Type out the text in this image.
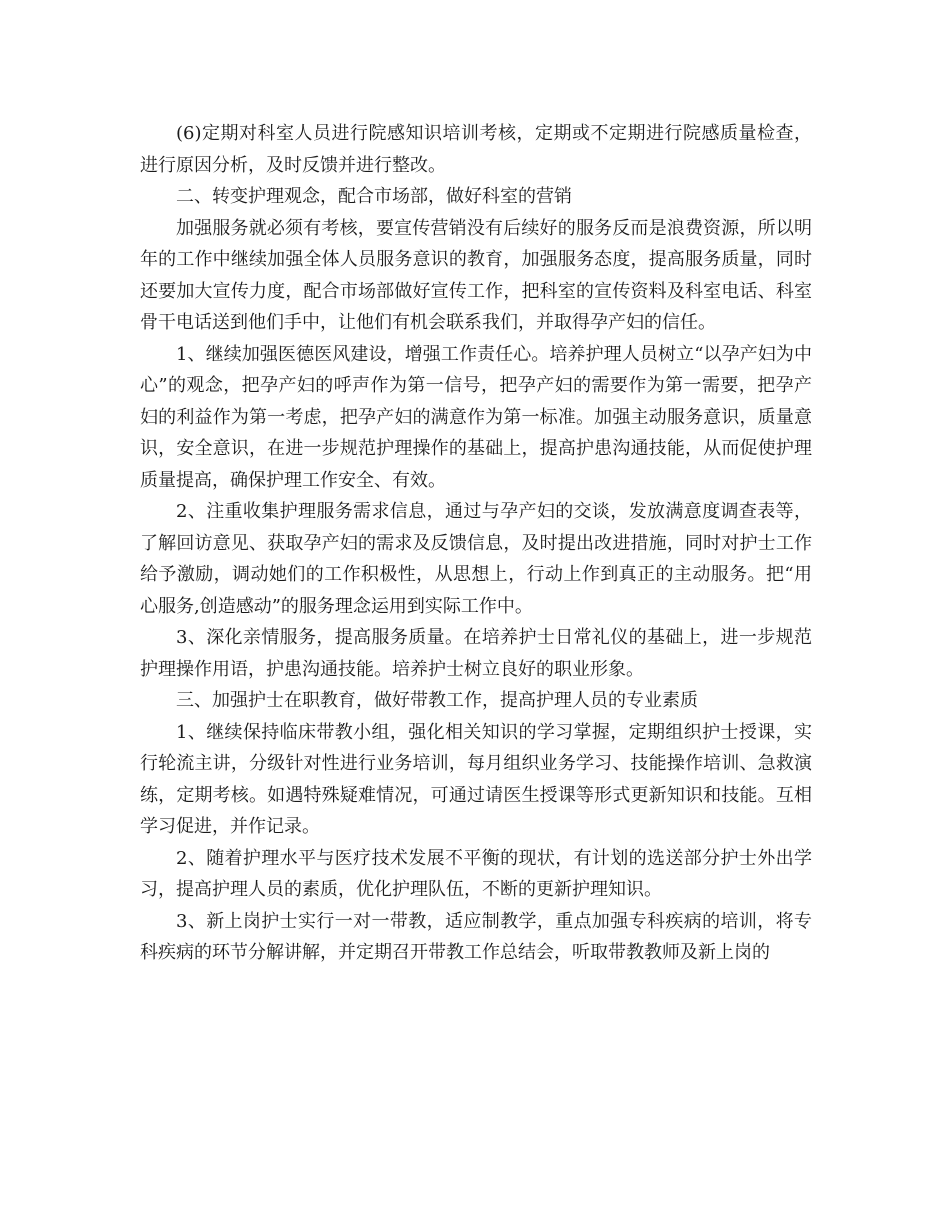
(6)定期对科室人员进行院感知识培训考核，定期或不定期进行院感质量检查，进行原因分析，及时反馈并进行整改。

二、转变护理观念，配合市场部，做好科室的营销

加强服务就必须有考核，要宣传营销没有后续好的服务反而是浪费资源，所以明年的工作中继续加强全体人员服务意识的教育，加强服务态度，提高服务质量，同时还要加大宣传力度，配合市场部做好宣传工作，把科室的宣传资料及科室电话、科室骨干电话送到他们手中，让他们有机会联系我们，并取得孕产妇的信任。

1、继续加强医德医风建设，增强工作责任心。培养护理人员树立“以孕产妇为中心”的观念，把孕产妇的呼声作为第一信号，把孕产妇的需要作为第一需要，把孕产妇的利益作为第一考虑，把孕产妇的满意作为第一标准。加强主动服务意识，质量意识，安全意识，在进一步规范护理操作的基础上，提高护患沟通技能，从而促使护理质量提高，确保护理工作安全、有效。

2、注重收集护理服务需求信息，通过与孕产妇的交谈，发放满意度调查表等，了解回访意见、获取孕产妇的需求及反馈信息，及时提出改进措施，同时对护士工作给予激励，调动她们的工作积极性，从思想上，行动上作到真正的主动服务。把“用心服务,创造感动”的服务理念运用到实际工作中。

3、深化亲情服务，提高服务质量。在培养护士日常礼仪的基础上，进一步规范护理操作用语，护患沟通技能。培养护士树立良好的职业形象。

三、加强护士在职教育，做好带教工作，提高护理人员的专业素质

1、继续保持临床带教小组，强化相关知识的学习掌握，定期组织护士授课，实行轮流主讲，分级针对性进行业务培训，每月组织业务学习、技能操作培训、急救演练，定期考核。如遇特殊疑难情况，可通过请医生授课等形式更新知识和技能。互相学习促进，并作记录。

2、随着护理水平与医疗技术发展不平衡的现状，有计划的选送部分护士外出学习，提高护理人员的素质，优化护理队伍，不断的更新护理知识。

3、新上岗护士实行一对一带教，适应制教学，重点加强专科疾病的培训，将专科疾病的环节分解讲解，并定期召开带教工作总结会，听取带教教师及新上岗的
